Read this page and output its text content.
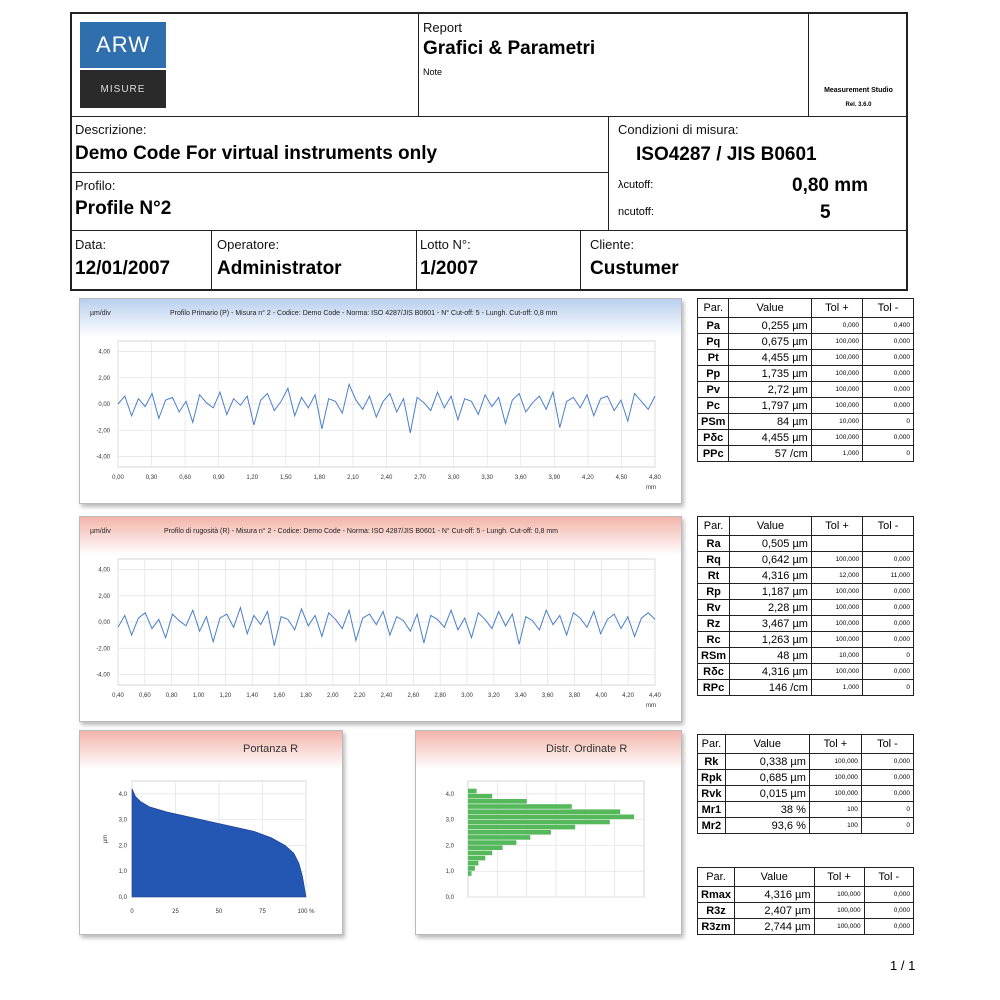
ARW
MISURE
Report
Grafici & Parametri
Note
Measurement Studio
Rel. 3.6.0
Descrizione:
Demo Code For virtual instruments only
Condizioni di misura:
ISO4287 / JIS B0601
λcutoff:	0,80 mm
ncutoff:	5
Profilo:
Profile N°2
Data:
12/01/2007
Operatore:
Administrator
Lotto N°:
1/2007
Cliente:
Custumer
µm/div	Profilo Primario (P) - Misura n° 2 - Codice: Demo Code - Norma: ISO 4287/JIS B0601 - N° Cut-off: 5 - Lungh. Cut-off: 0,8 mm
0,00	0,30	0,60	0,90	1,20	1,50	1,80	2,10	2,40	2,70	3,00	3,30	3,60	3,90	4,20	4,50	4,80
mm
4,00
2,00
0,00
-2,00
-4,00
µm/div	Profilo di rugosità (R) - Misura n° 2 - Codice: Demo Code - Norma: ISO 4287/JIS B0601 - N° Cut-off: 5 - Lungh. Cut-off: 0,8 mm
0,40	0,60	0,80	1,00	1,20	1,40	1,60	1,80	2,00	2,20	2,40	2,60	2,80	3,00	3,20	3,40	3,60	3,80	4,00	4,20	4,40
mm
4,00
2,00
0,00
-2,00
-4,00
Portanza R
0	25	50	75	100 %
0,0
1,0
2,0
3,0
4,0
µm
Distr. Ordinate R
0,0
1,0
2,0
3,0
4,0
Par.	Value	Tol +	Tol -
Pa	0,255 µm	0,000	0,400
Pq	0,675 µm	100,000	0,000
Pt	4,455 µm	100,000	0,000
Pp	1,735 µm	100,000	0,000
Pv	2,72 µm	100,000	0,000
Pc	1,797 µm	100,000	0,000
PSm	84 µm	10,000	0
Pδc	4,455 µm	100,000	0,000
PPc	57 /cm	1,000	0
Par.	Value	Tol +	Tol -
Ra	0,505 µm		
Rq	0,642 µm	100,000	0,000
Rt	4,316 µm	12,000	11,000
Rp	1,187 µm	100,000	0,000
Rv	2,28 µm	100,000	0,000
Rz	3,467 µm	100,000	0,000
Rc	1,263 µm	100,000	0,000
RSm	48 µm	10,000	0
Rδc	4,316 µm	100,000	0,000
RPc	146 /cm	1,000	0
Par.	Value	Tol +	Tol -
Rk	0,338 µm	100,000	0,000
Rpk	0,685 µm	100,000	0,000
Rvk	0,015 µm	100,000	0,000
Mr1	38 %	100	0
Mr2	93,6 %	100	0
Par.	Value	Tol +	Tol -
Rmax	4,316 µm	100,000	0,000
R3z	2,407 µm	100,000	0,000
R3zm	2,744 µm	100,000	0,000
1 / 1
